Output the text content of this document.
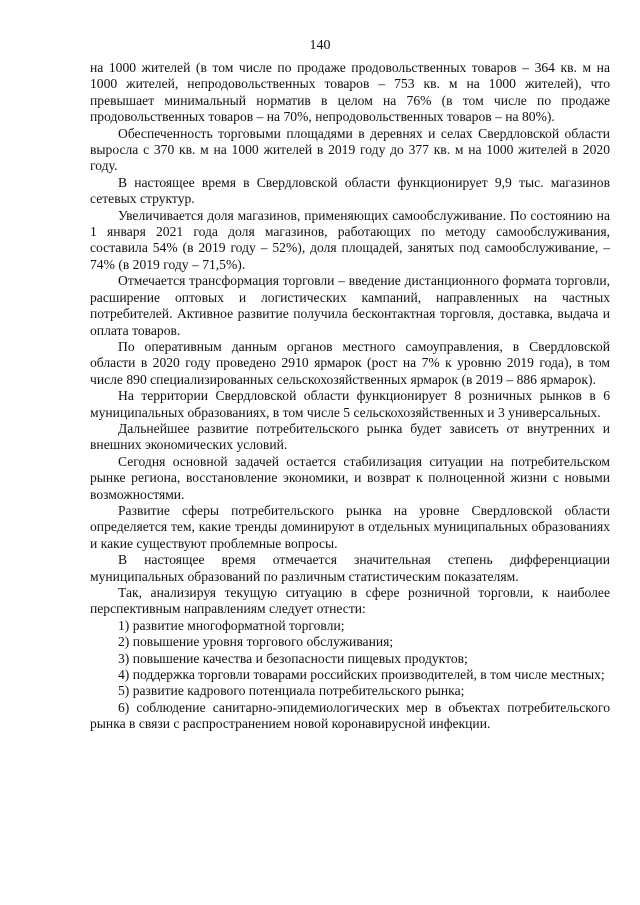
140

на 1000 жителей (в том числе по продаже продовольственных товаров – 364 кв. м на 1000 жителей, непродовольственных товаров – 753 кв. м на 1000 жителей), что превышает минимальный норматив в целом на 76% (в том числе по продаже продовольственных товаров – на 70%, непродовольственных товаров – на 80%).

Обеспеченность торговыми площадями в деревнях и селах Свердловской области выросла с 370 кв. м на 1000 жителей в 2019 году до 377 кв. м на 1000 жителей в 2020 году.

В настоящее время в Свердловской области функционирует 9,9 тыс. магазинов сетевых структур.

Увеличивается доля магазинов, применяющих самообслуживание. По состоянию на 1 января 2021 года доля магазинов, работающих по методу самообслуживания, составила 54% (в 2019 году – 52%), доля площадей, занятых под самообслуживание, – 74% (в 2019 году – 71,5%).

Отмечается трансформация торговли – введение дистанционного формата торговли, расширение оптовых и логистических кампаний, направленных на частных потребителей. Активное развитие получила бесконтактная торговля, доставка, выдача и оплата товаров.

По оперативным данным органов местного самоуправления, в Свердловской области в 2020 году проведено 2910 ярмарок (рост на 7% к уровню 2019 года), в том числе 890 специализированных сельскохозяйственных ярмарок (в 2019 – 886 ярмарок).

На территории Свердловской области функционирует 8 розничных рынков в 6 муниципальных образованиях, в том числе 5 сельскохозяйственных и 3 универсальных.

Дальнейшее развитие потребительского рынка будет зависеть от внутренних и внешних экономических условий.

Сегодня основной задачей остается стабилизация ситуации на потребительском рынке региона, восстановление экономики, и возврат к полноценной жизни с новыми возможностями.

Развитие сферы потребительского рынка на уровне Свердловской области определяется тем, какие тренды доминируют в отдельных муниципальных образованиях и какие существуют проблемные вопросы.

В настоящее время отмечается значительная степень дифференциации муниципальных образований по различным статистическим показателям.

Так, анализируя текущую ситуацию в сфере розничной торговли, к наиболее перспективным направлениям следует отнести:

1) развитие многоформатной торговли;

2) повышение уровня торгового обслуживания;

3) повышение качества и безопасности пищевых продуктов;

4) поддержка торговли товарами российских производителей, в том числе местных;

5) развитие кадрового потенциала потребительского рынка;

6) соблюдение санитарно-эпидемиологических мер в объектах потребительского рынка в связи с распространением новой коронавирусной инфекции.
